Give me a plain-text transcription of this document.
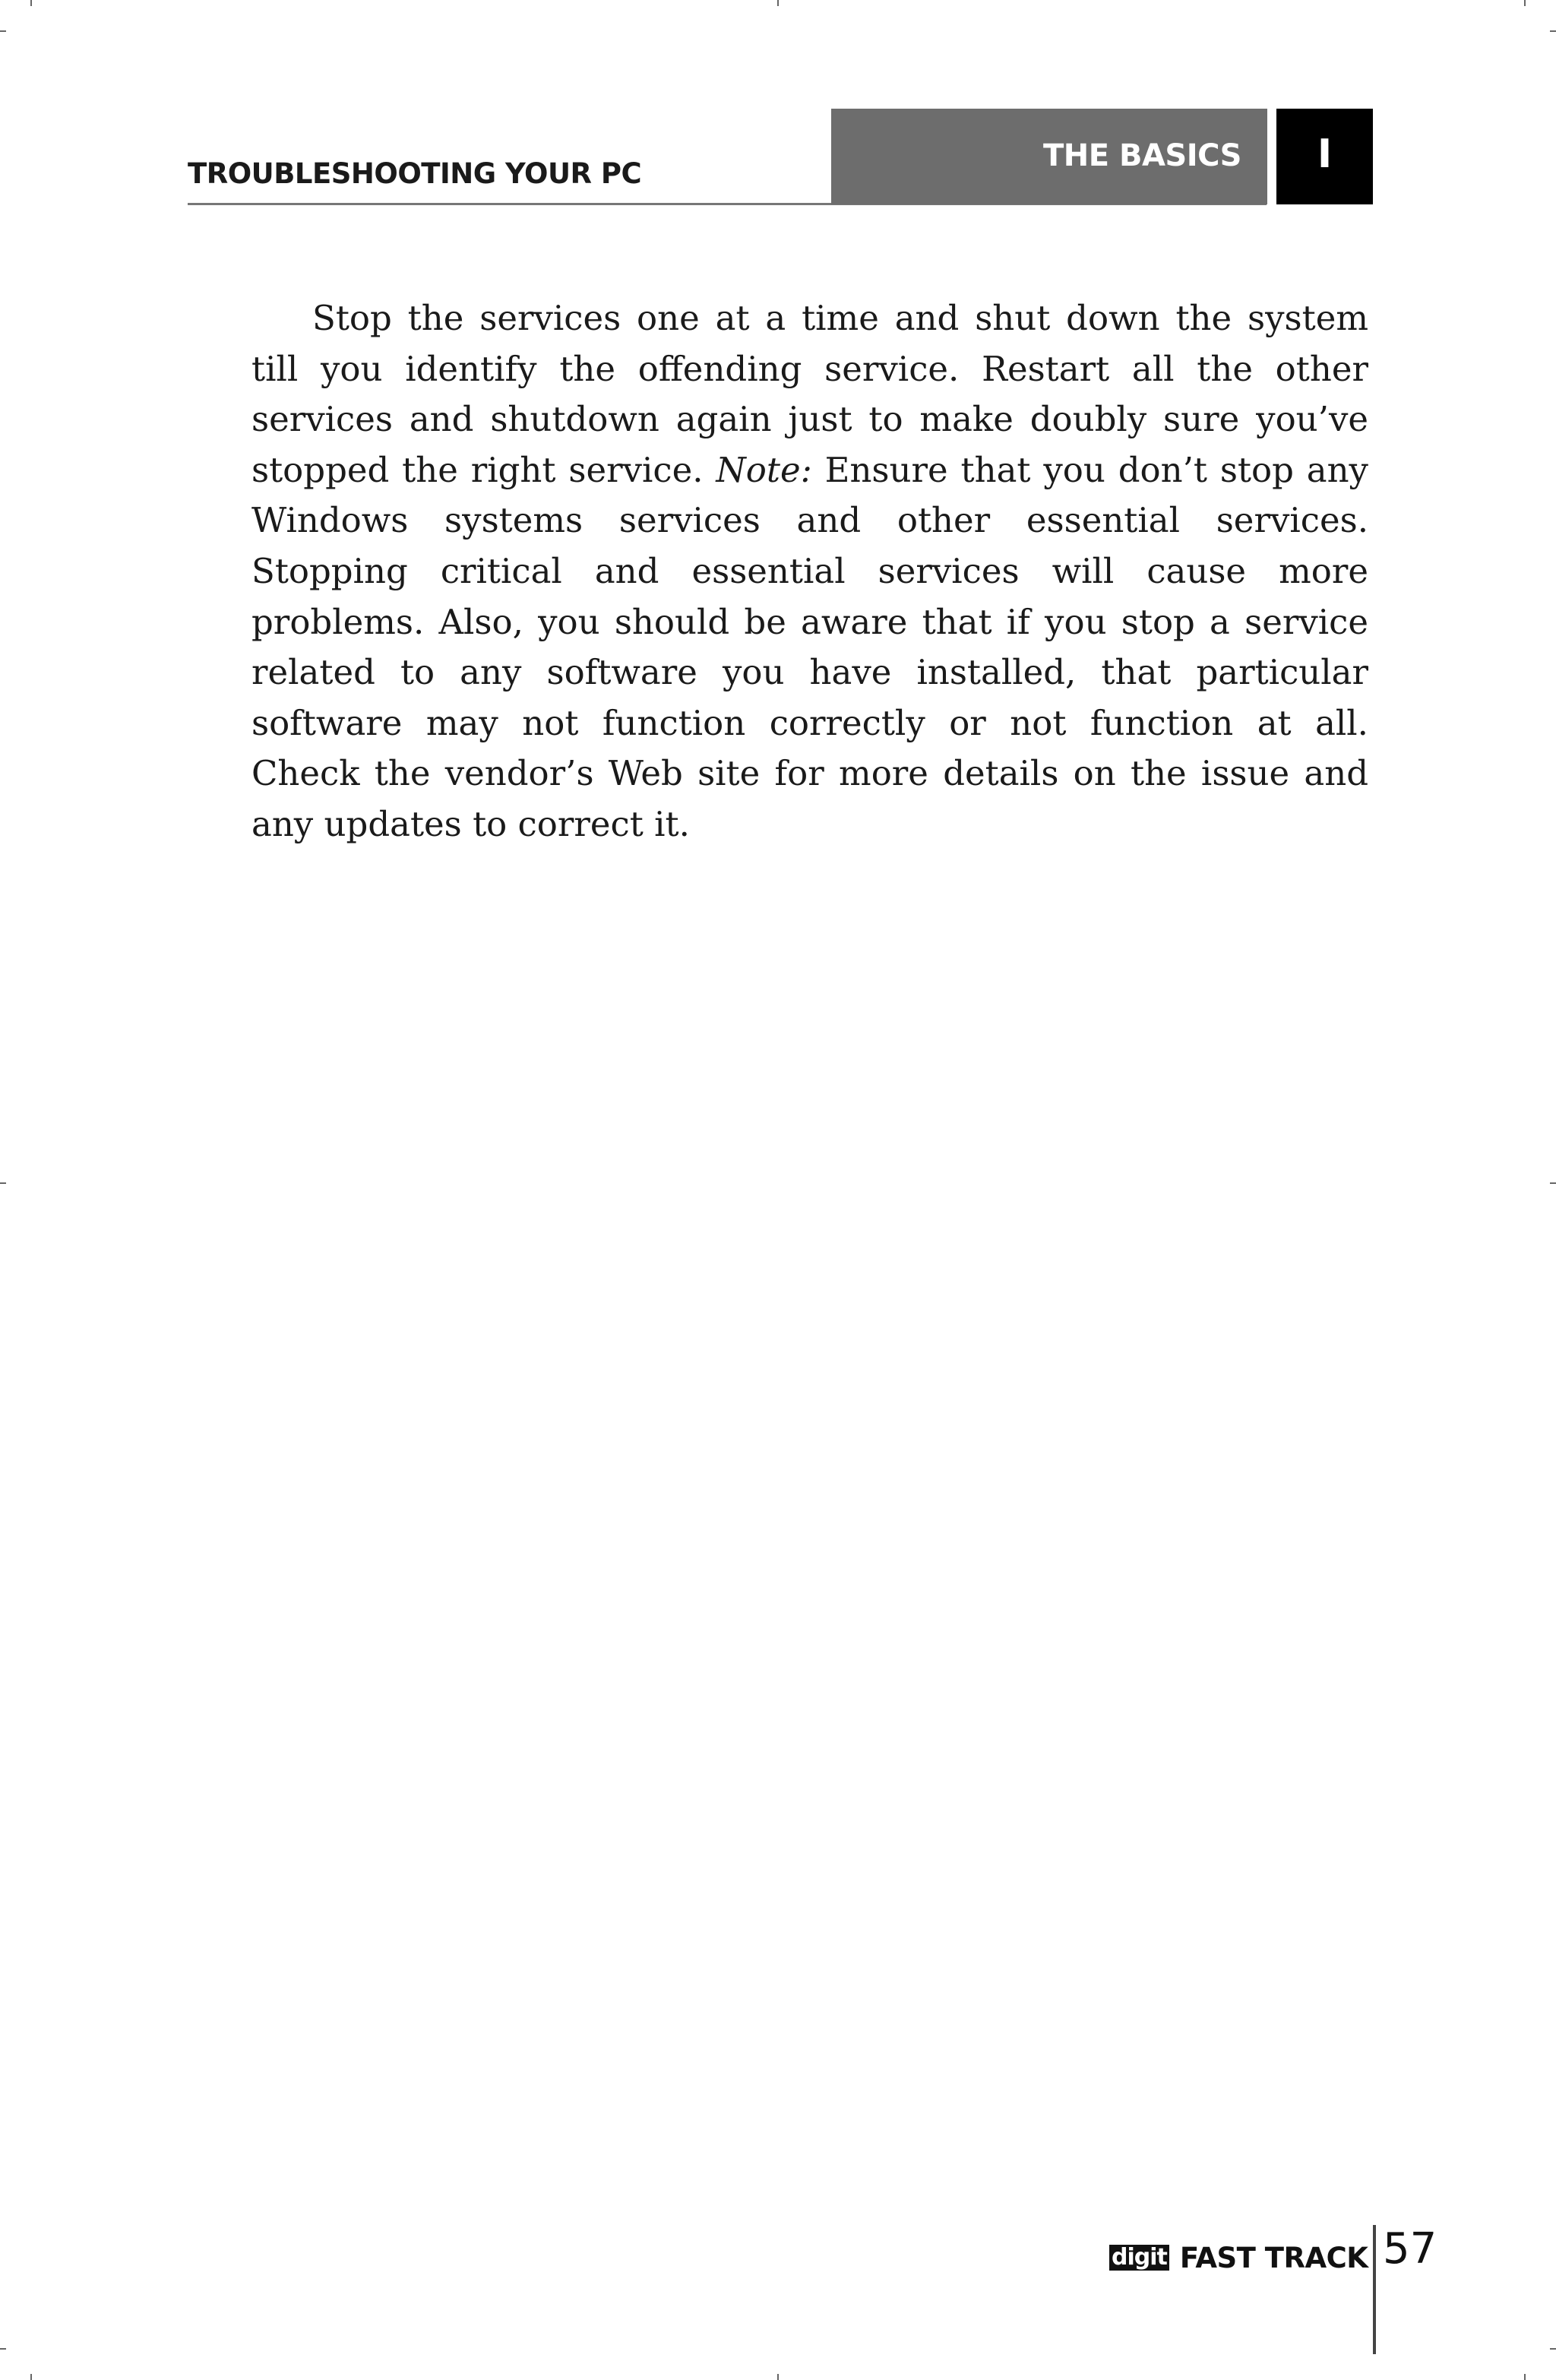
TROUBLESHOOTING YOUR PC
THE BASICS	I

Stop the services one at a time and shut down the system till you identify the offending service. Restart all the other services and shutdown again just to make doubly sure you’ve stopped the right service. Note: Ensure that you don’t stop any Windows systems services and other essential services. Stopping critical and essential services will cause more problems. Also, you should be aware that if you stop a service related to any software you have installed, that particular software may not function correctly or not function at all. Check the vendor’s Web site for more details on the issue and any updates to correct it.

digit FAST TRACK 57
